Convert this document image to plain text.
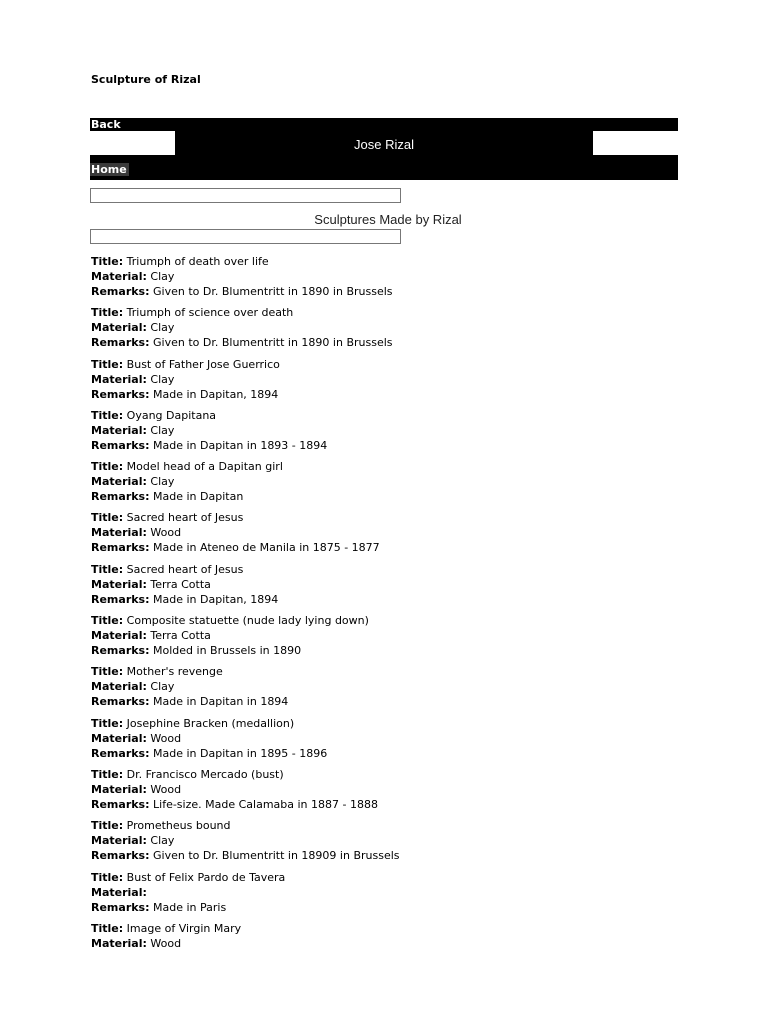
Sculpture of Rizal
Back
Jose Rizal
Home
Sculptures Made by Rizal
Title: Triumph of death over life
Material: Clay
Remarks: Given to Dr. Blumentritt in 1890 in Brussels
Title: Triumph of science over death
Material: Clay
Remarks: Given to Dr. Blumentritt in 1890 in Brussels
Title: Bust of Father Jose Guerrico
Material: Clay
Remarks: Made in Dapitan, 1894
Title: Oyang Dapitana
Material: Clay
Remarks: Made in Dapitan in 1893 - 1894
Title: Model head of a Dapitan girl
Material: Clay
Remarks: Made in Dapitan
Title: Sacred heart of Jesus
Material: Wood
Remarks: Made in Ateneo de Manila in 1875 - 1877
Title: Sacred heart of Jesus
Material: Terra Cotta
Remarks: Made in Dapitan, 1894
Title: Composite statuette (nude lady lying down)
Material: Terra Cotta
Remarks: Molded in Brussels in 1890
Title: Mother's revenge
Material: Clay
Remarks: Made in Dapitan in 1894
Title: Josephine Bracken (medallion)
Material: Wood
Remarks: Made in Dapitan in 1895 - 1896
Title: Dr. Francisco Mercado (bust)
Material: Wood
Remarks: Life-size. Made Calamaba in 1887 - 1888
Title: Prometheus bound
Material: Clay
Remarks: Given to Dr. Blumentritt in 18909 in Brussels
Title: Bust of Felix Pardo de Tavera
Material:
Remarks: Made in Paris
Title: Image of Virgin Mary
Material: Wood
